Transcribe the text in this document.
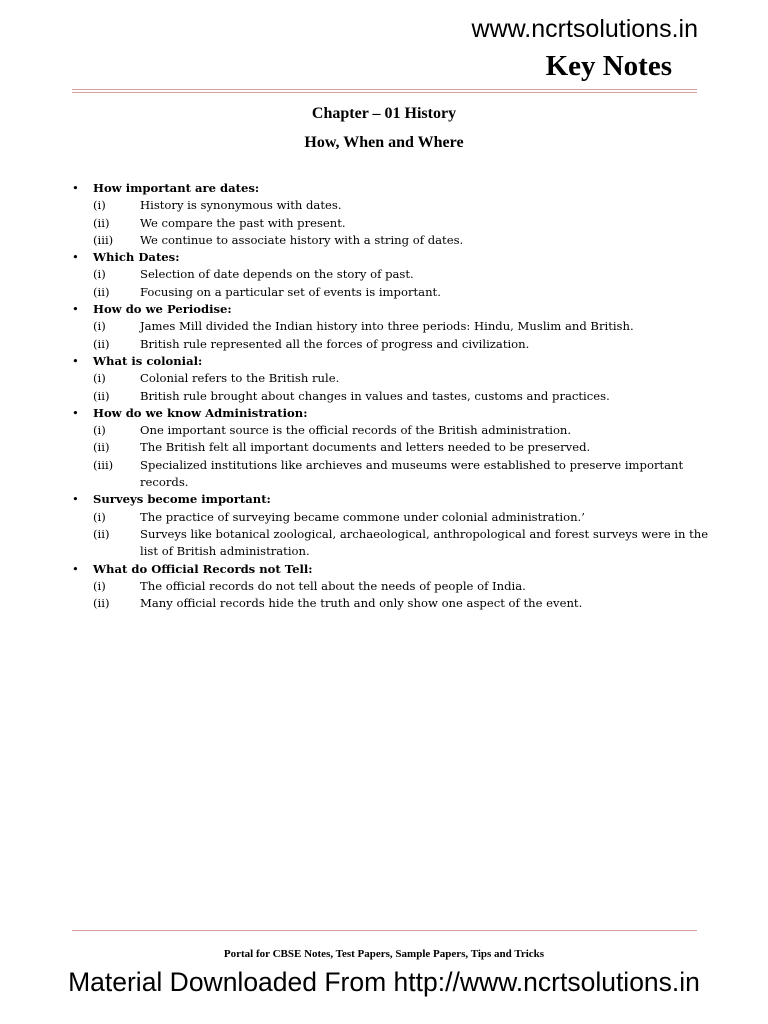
www.ncrtsolutions.in
Key Notes
Chapter – 01 History
How, When and Where
• How important are dates:
(i)	History is synonymous with dates.
(ii)	We compare the past with present.
(iii) We continue to associate history with a string of dates.
• Which Dates:
(i)	Selection of date depends on the story of past.
(ii)	Focusing on a particular set of events is important.
• How do we Periodise:
(i)	James Mill divided the Indian history into three periods: Hindu, Muslim and British.
(ii)	British rule represented all the forces of progress and civilization.
• What is colonial:
(i)	Colonial refers to the British rule.
(ii)	British rule brought about changes in values and tastes, customs and practices.
• How do we know Administration:
(i)	One important source is the official records of the British administration.
(ii)	The British felt all important documents and letters needed to be preserved.
(iii) Specialized institutions like archieves and museums were established to preserve important records.
• Surveys become important:
(i)	The practice of surveying became commone under colonial administration.’
(ii)	Surveys like botanical zoological, archaeological, anthropological and forest surveys were in the list of British administration.
• What do Official Records not Tell:
(i)	The official records do not tell about the needs of people of India.
(ii)	Many official records hide the truth and only show one aspect of the event.
Portal for CBSE Notes, Test Papers, Sample Papers, Tips and Tricks
Material Downloaded From http://www.ncrtsolutions.in
